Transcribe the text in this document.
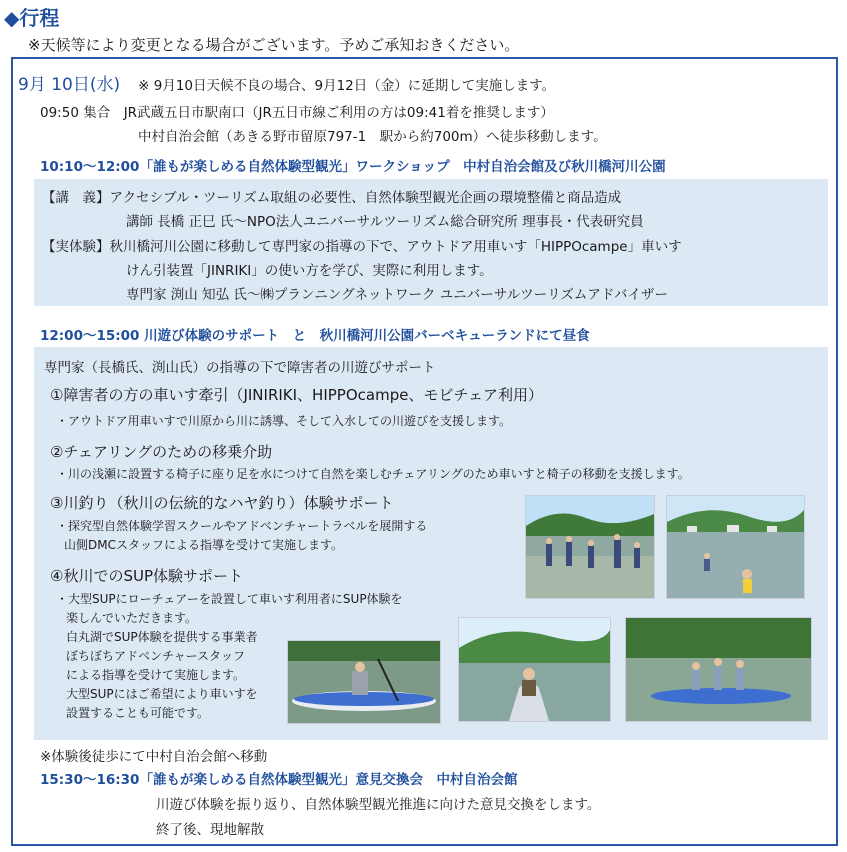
◆行程
※天候等により変更となる場合がございます。予めご承知おきください。
9月 10日(水) ※ 9月10日天候不良の場合、9月12日（金）に延期して実施します。
09:50 集合　JR武蔵五日市駅南口（JR五日市線ご利用の方は09:41着を推奨します）
中村自治会館（あきる野市留原797-1　駅から約700m）へ徒歩移動します。
10:10～12:00「誰もが楽しめる自然体験型観光」ワークショップ　中村自治会館及び秋川橋河川公園
【講　義】アクセシブル・ツーリズム取組の必要性、自然体験型観光企画の環境整備と商品造成
講師 長橋 正巳 氏～NPO法人ユニバーサルツーリズム総合研究所 理事長・代表研究員
【実体験】秋川橋河川公園に移動して専門家の指導の下で、アウトドア用車いす「HIPPOcampe」車いす
けん引装置「JINRIKI」の使い方を学び、実際に利用します。
専門家 渕山 知弘 氏～㈱プランニングネットワーク ユニバーサルツーリズムアドバイザー
12:00～15:00 川遊び体験のサポート　と　秋川橋河川公園バーベキューランドにて昼食
専門家（長橋氏、渕山氏）の指導の下で障害者の川遊びサポート
①障害者の方の車いす牽引（JINIRIKI、HIPPOcampe、モビチェア利用）
・アウトドア用車いすで川原から川に誘導、そして入水しての川遊びを支援します。
②チェアリングのための移乗介助
・川の浅瀬に設置する椅子に座り足を水につけて自然を楽しむチェアリングのため車いすと椅子の移動を支援します。
③川釣り（秋川の伝統的なハヤ釣り）体験サポート
・探究型自然体験学習スクールやアドベンチャートラベルを展開する
山側DMCスタッフによる指導を受けて実施します。
④秋川でのSUP体験サポート
・大型SUPにローチェアーを設置して車いす利用者にSUP体験を
楽しんでいただきます。
白丸湖でSUP体験を提供する事業者
ぼちぼちアドベンチャースタッフ
による指導を受けて実施します。
大型SUPにはご希望により車いすを
設置することも可能です。
※体験後徒歩にて中村自治会館へ移動
15:30～16:30「誰もが楽しめる自然体験型観光」意見交換会　中村自治会館
川遊び体験を振り返り、自然体験型観光推進に向けた意見交換をします。
終了後、現地解散
